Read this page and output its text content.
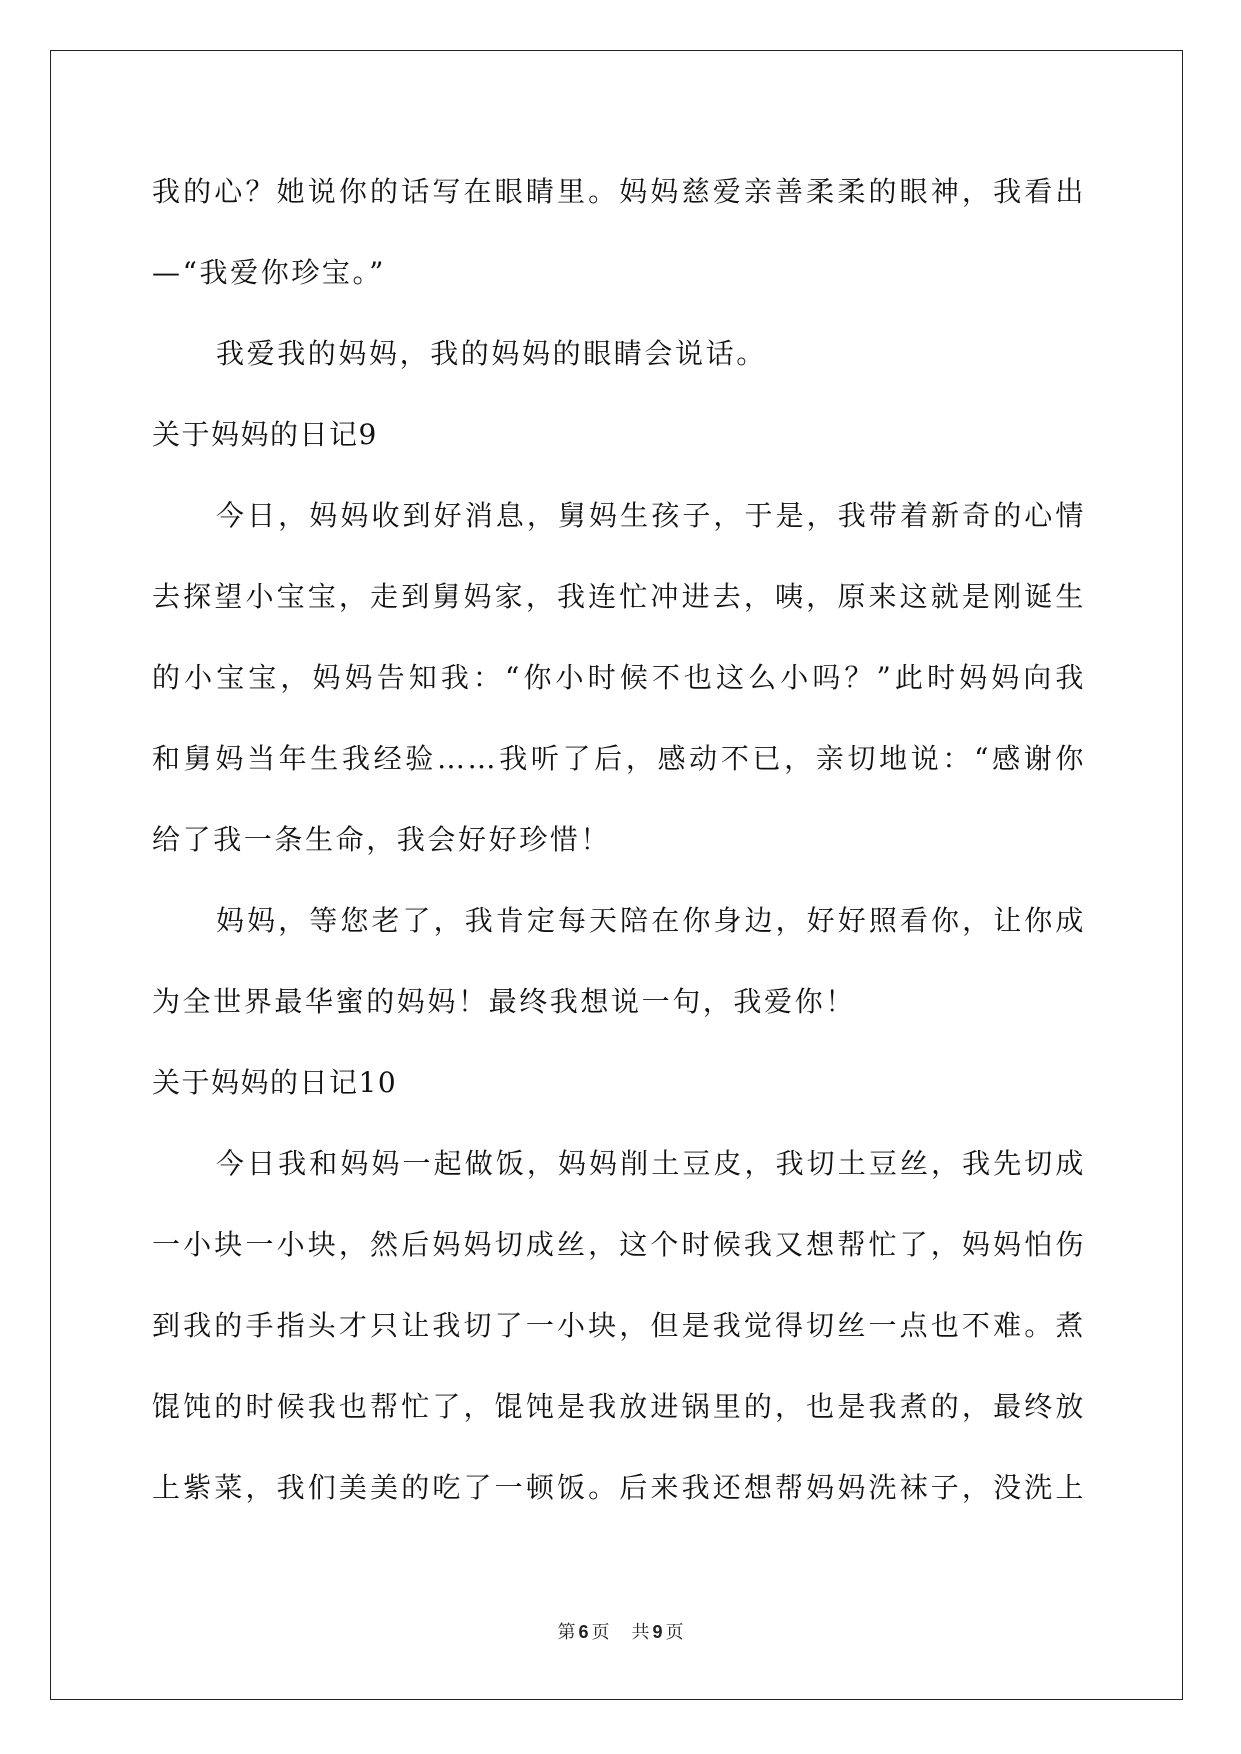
我的心？她说你的话写在眼睛里。妈妈慈爱亲善柔柔的眼神，我看出
—“我爱你珍宝。”
我爱我的妈妈，我的妈妈的眼睛会说话。
关于妈妈的日记9
今日，妈妈收到好消息，舅妈生孩子，于是，我带着新奇的心情
去探望小宝宝，走到舅妈家，我连忙冲进去，咦，原来这就是刚诞生
的小宝宝，妈妈告知我：“你小时候不也这么小吗？”此时妈妈向我
和舅妈当年生我经验……我听了后，感动不已，亲切地说：“感谢你
给了我一条生命，我会好好珍惜！
妈妈，等您老了，我肯定每天陪在你身边，好好照看你，让你成
为全世界最华蜜的妈妈！最终我想说一句，我爱你！
关于妈妈的日记10
今日我和妈妈一起做饭，妈妈削土豆皮，我切土豆丝，我先切成
一小块一小块，然后妈妈切成丝，这个时候我又想帮忙了，妈妈怕伤
到我的手指头才只让我切了一小块，但是我觉得切丝一点也不难。煮
馄饨的时候我也帮忙了，馄饨是我放进锅里的，也是我煮的，最终放
上紫菜，我们美美的吃了一顿饭。后来我还想帮妈妈洗袜子，没洗上
第 6 页 共 9 页
